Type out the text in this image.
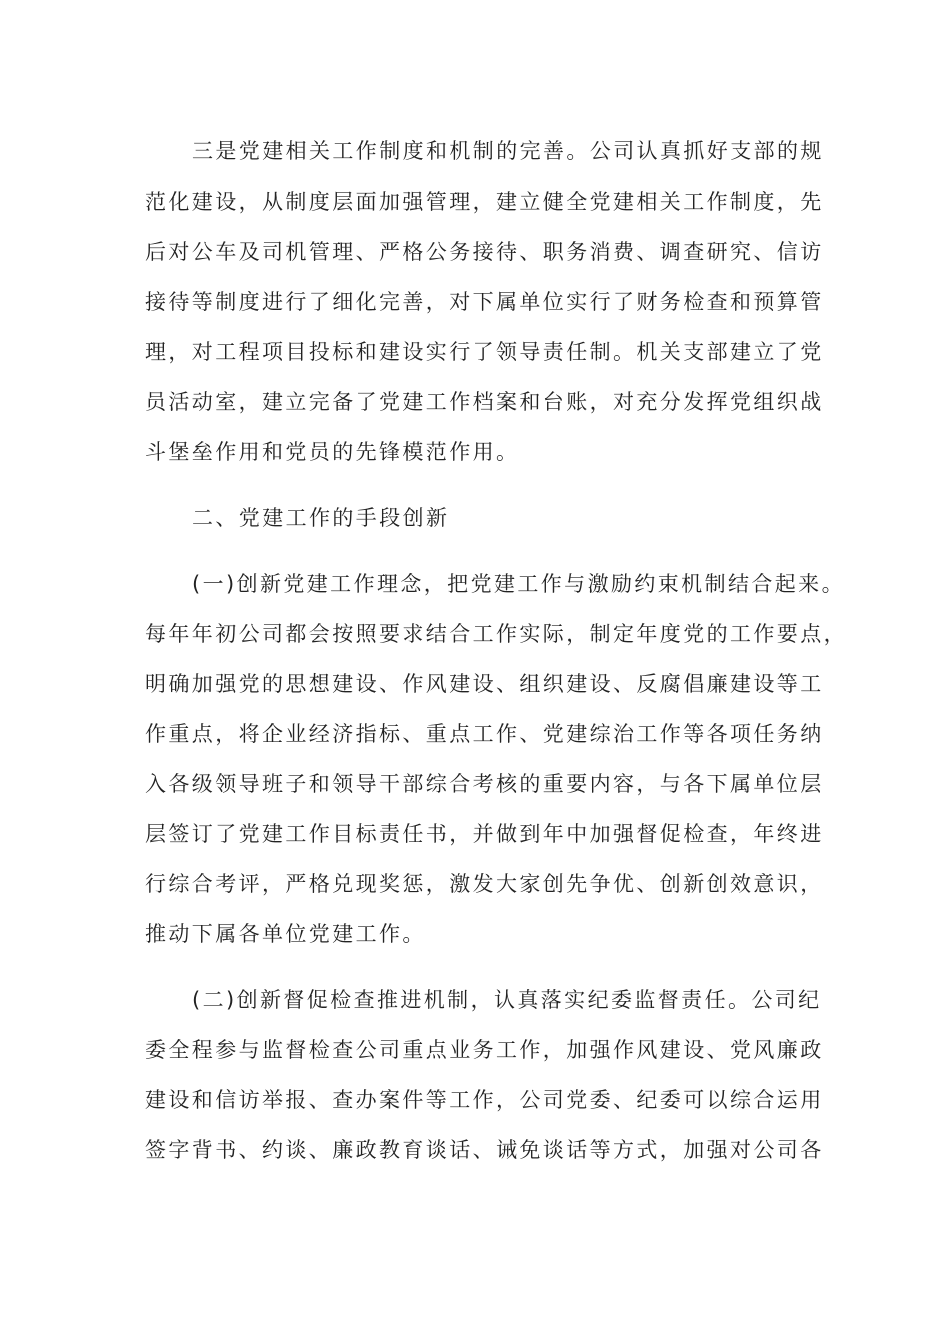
三是党建相关工作制度和机制的完善。公司认真抓好支部的规
范化建设，从制度层面加强管理，建立健全党建相关工作制度，先
后对公车及司机管理、严格公务接待、职务消费、调查研究、信访
接待等制度进行了细化完善，对下属单位实行了财务检查和预算管
理，对工程项目投标和建设实行了领导责任制。机关支部建立了党
员活动室，建立完备了党建工作档案和台账，对充分发挥党组织战
斗堡垒作用和党员的先锋模范作用。
二、党建工作的手段创新
(一)创新党建工作理念，把党建工作与激励约束机制结合起来。
每年年初公司都会按照要求结合工作实际，制定年度党的工作要点，
明确加强党的思想建设、作风建设、组织建设、反腐倡廉建设等工
作重点，将企业经济指标、重点工作、党建综治工作等各项任务纳
入各级领导班子和领导干部综合考核的重要内容，与各下属单位层
层签订了党建工作目标责任书，并做到年中加强督促检查，年终进
行综合考评，严格兑现奖惩，激发大家创先争优、创新创效意识，
推动下属各单位党建工作。
(二)创新督促检查推进机制，认真落实纪委监督责任。公司纪
委全程参与监督检查公司重点业务工作，加强作风建设、党风廉政
建设和信访举报、查办案件等工作，公司党委、纪委可以综合运用
签字背书、约谈、廉政教育谈话、诫免谈话等方式，加强对公司各
